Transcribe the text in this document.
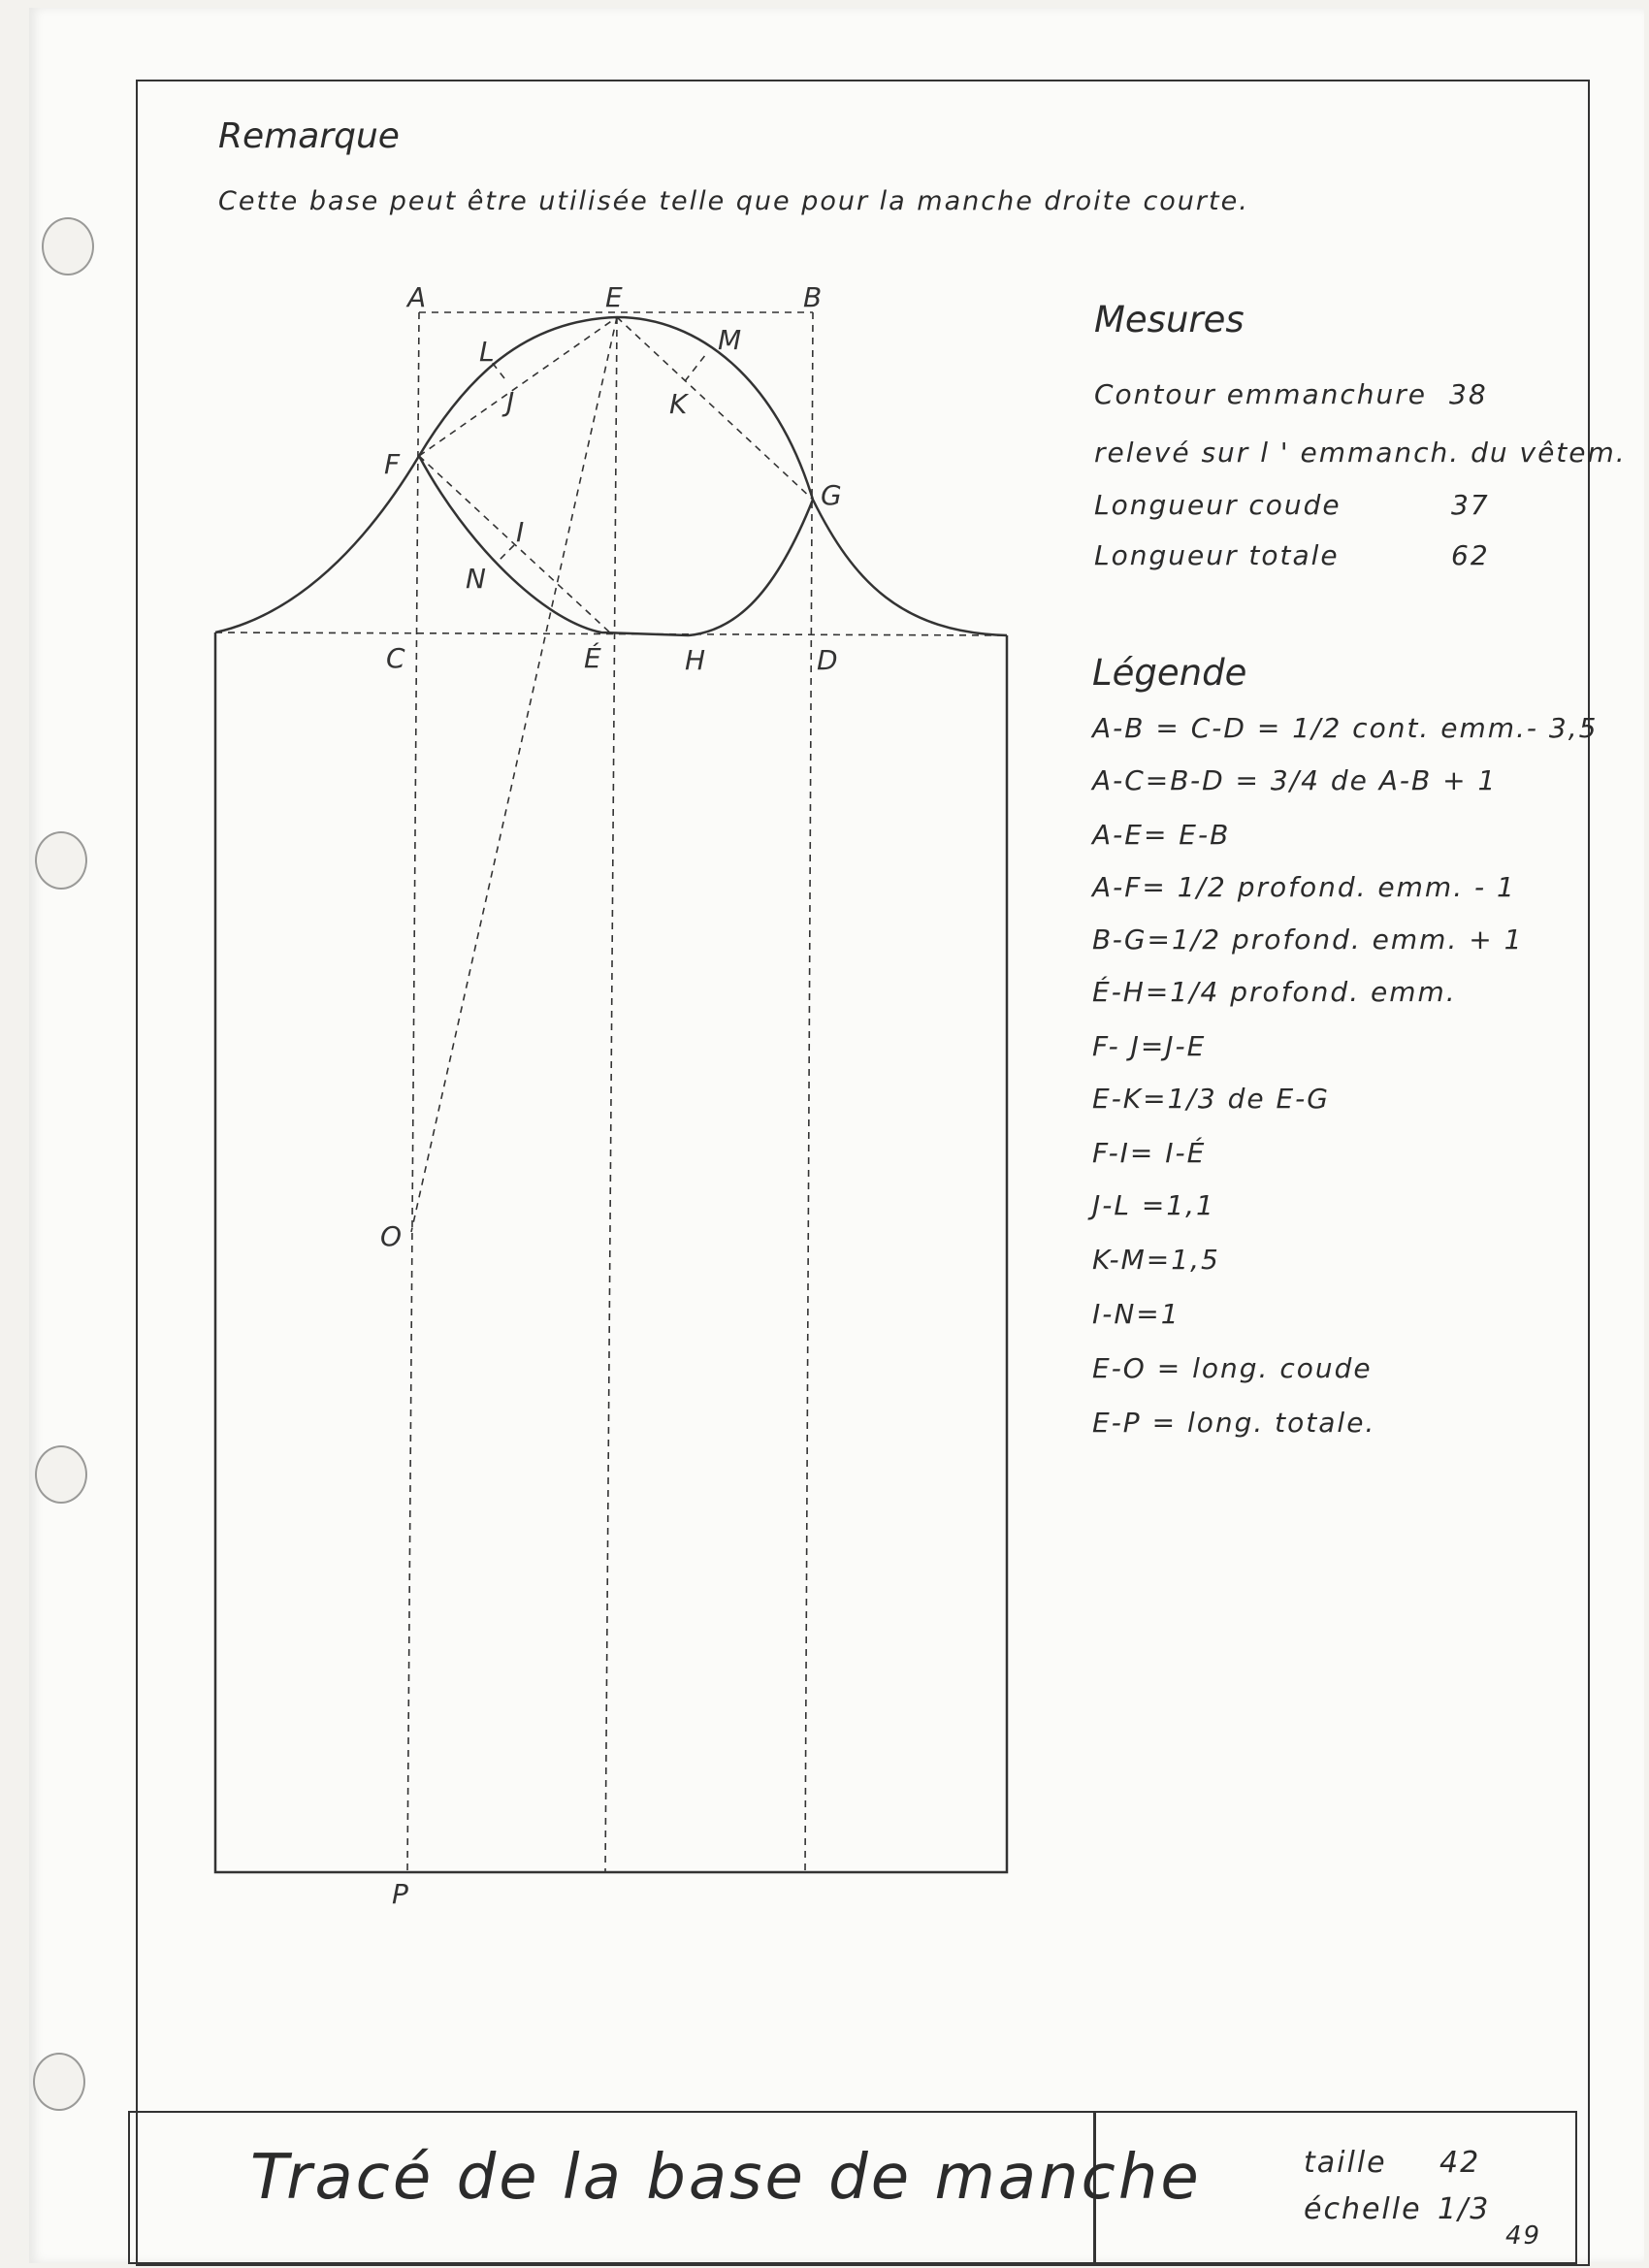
Remarque
Cette base peut être utilisée telle que pour la manche droite courte.
A	E	B
L	M
J	K
F
G
I
N
C	É	H	D
O
P
Mesures
Contour emmanchure 38
relevé sur l ' emmanch. du vêtem.
Longueur coude	37
Longueur totale	62
Légende
A-B = C-D = 1/2 cont. emm.- 3,5
A-C=B-D = 3/4 de A-B + 1
A-E= E-B
A-F= 1/2 profond. emm. - 1
B-G=1/2 profond. emm. + 1
É-H=1/4 profond. emm.
F- J=J-E
E-K=1/3 de E-G
F-I= I-É
J-L =1,1
K-M=1,5
I-N=1
E-O = long. coude
E-P = long. totale.
Tracé de la base de manche	taille 42
échelle 1/3
49
